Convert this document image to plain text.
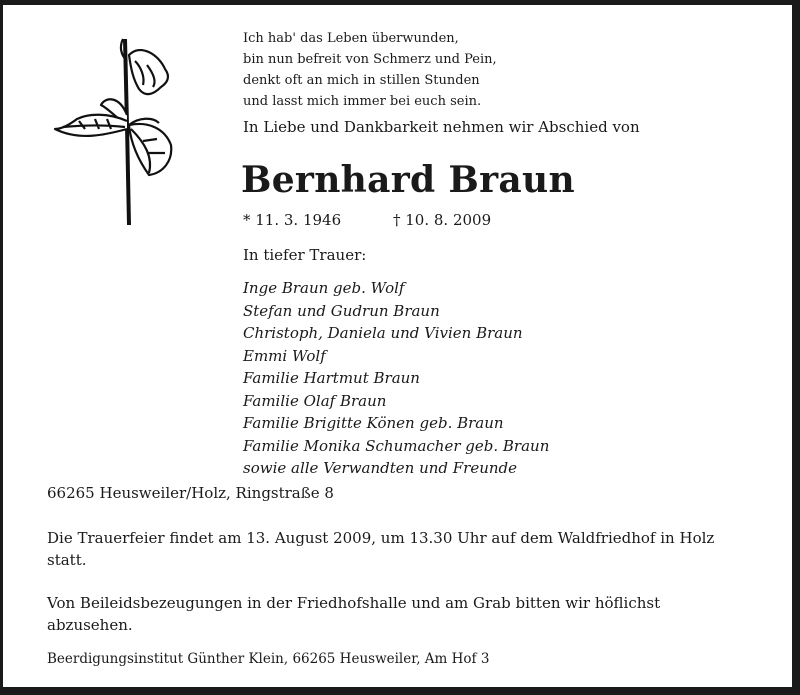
Ich hab' das Leben überwunden,
bin nun befreit von Schmerz und Pein,
denkt oft an mich in stillen Stunden
und lasst mich immer bei euch sein.
In Liebe und Dankbarkeit nehmen wir Abschied von
Bernhard Braun
* 11. 3. 1946	† 10. 8. 2009
In tiefer Trauer:
Inge Braun geb. Wolf
Stefan und Gudrun Braun
Christoph, Daniela und Vivien Braun
Emmi Wolf
Familie Hartmut Braun
Familie Olaf Braun
Familie Brigitte Könen geb. Braun
Familie Monika Schumacher geb. Braun
sowie alle Verwandten und Freunde
66265 Heusweiler/Holz, Ringstraße 8
Die Trauerfeier findet am 13. August 2009, um 13.30 Uhr auf dem Waldfriedhof in Holz
statt.
Von Beileidsbezeugungen in der Friedhofshalle und am Grab bitten wir höflichst
abzusehen.
Beerdigungsinstitut Günther Klein, 66265 Heusweiler, Am Hof 3
